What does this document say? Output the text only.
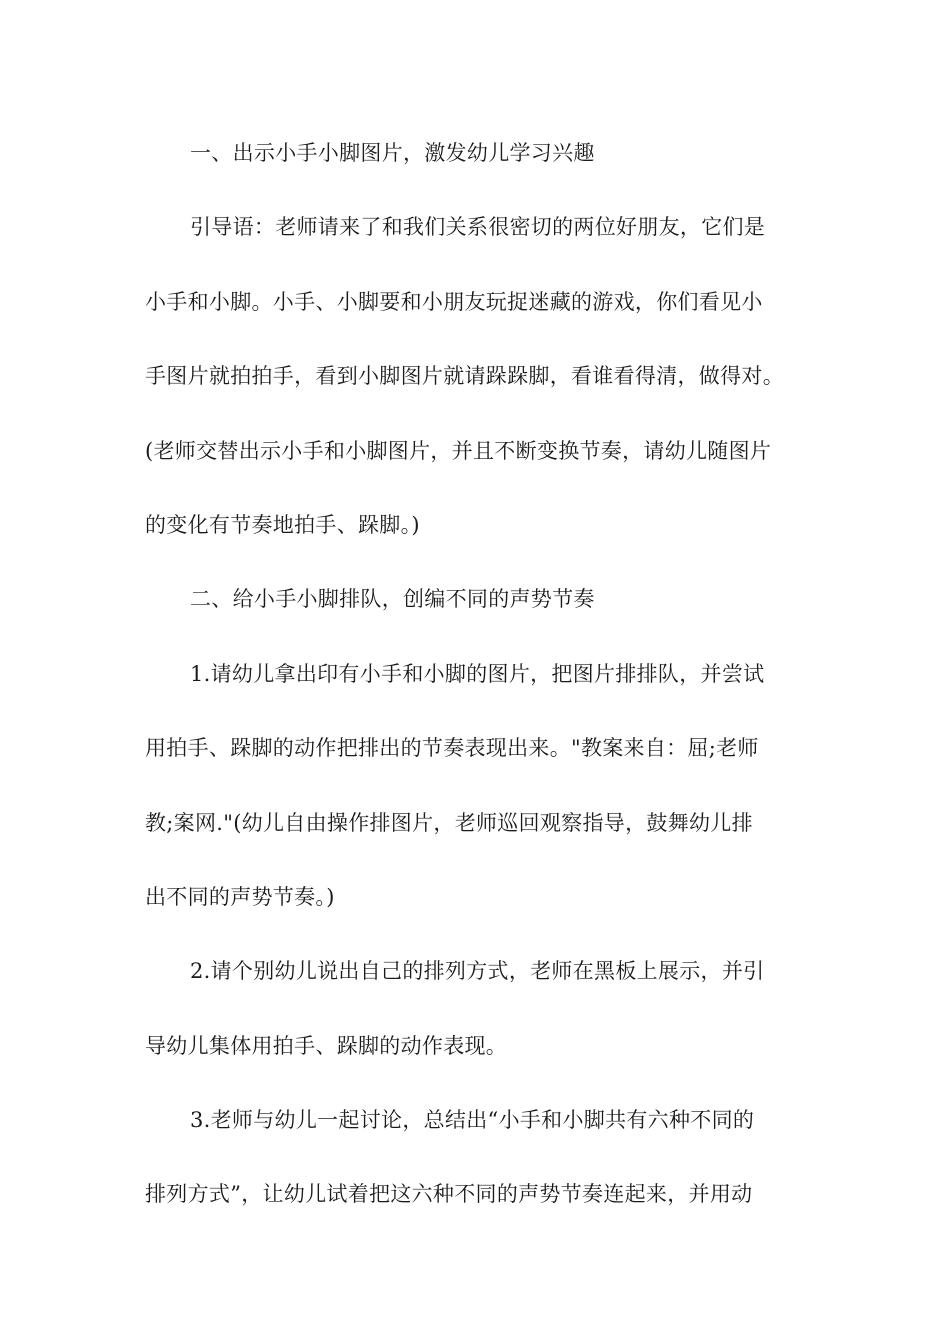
一、出示小手小脚图片，激发幼儿学习兴趣
引导语：老师请来了和我们关系很密切的两位好朋友，它们是
小手和小脚。小手、小脚要和小朋友玩捉迷藏的游戏，你们看见小
手图片就拍拍手，看到小脚图片就请跺跺脚，看谁看得清，做得对。
(老师交替出示小手和小脚图片，并且不断变换节奏，请幼儿随图片
的变化有节奏地拍手、跺脚。)
二、给小手小脚排队，创编不同的声势节奏
1.请幼儿拿出印有小手和小脚的图片，把图片排排队，并尝试
用拍手、跺脚的动作把排出的节奏表现出来。"教案来自：屈;老师
教;案网."(幼儿自由操作排图片，老师巡回观察指导，鼓舞幼儿排
出不同的声势节奏。)
2.请个别幼儿说出自己的排列方式，老师在黑板上展示，并引
导幼儿集体用拍手、跺脚的动作表现。
3.老师与幼儿一起讨论，总结出“小手和小脚共有六种不同的
排列方式”，让幼儿试着把这六种不同的声势节奏连起来，并用动
